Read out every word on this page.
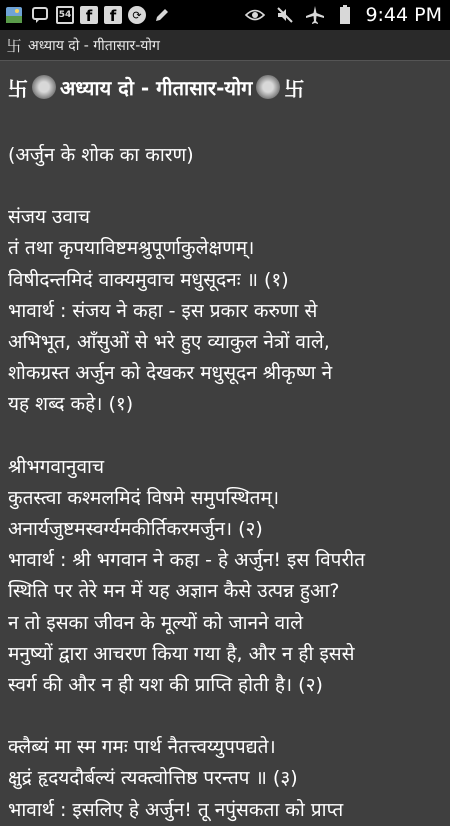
54 f	f	⟳	9:44 PM
卐 अध्याय दो - गीतासार-योग
卐 अध्याय दो - गीतासार-योग 卐
(अर्जुन के शोक का कारण)
संजय उवाच
तं तथा कृपयाविष्टमश्रुपूर्णाकुलेक्षणम्।
विषीदन्तमिदं वाक्यमुवाच मधुसूदनः ॥ (१)
भावार्थ : संजय ने कहा - इस प्रकार करुणा से
अभिभूत, आँसुओं से भरे हुए व्याकुल नेत्रों वाले,
शोकग्रस्त अर्जुन को देखकर मधुसूदन श्रीकृष्ण ने
यह शब्द कहे। (१)
श्रीभगवानुवाच
कुतस्त्वा कश्मलमिदं विषमे समुपस्थितम्।
अनार्यजुष्टमस्वर्ग्यमकीर्तिकरमर्जुन। (२)
भावार्थ : श्री भगवान ने कहा - हे अर्जुन! इस विपरीत
स्थिति पर तेरे मन में यह अज्ञान कैसे उत्पन्न हुआ?
न तो इसका जीवन के मूल्यों को जानने वाले
मनुष्यों द्वारा आचरण किया गया है, और न ही इससे
स्वर्ग की और न ही यश की प्राप्ति होती है। (२)
क्लैब्यं मा स्म गमः पार्थ नैतत्त्वय्युपपद्यते।
क्षुद्रं हृदयदौर्बल्यं त्यक्त्वोत्तिष्ठ परन्तप ॥ (३)
भावार्थ : इसलिए हे अर्जुन! तू नपुंसकता को प्राप्त
